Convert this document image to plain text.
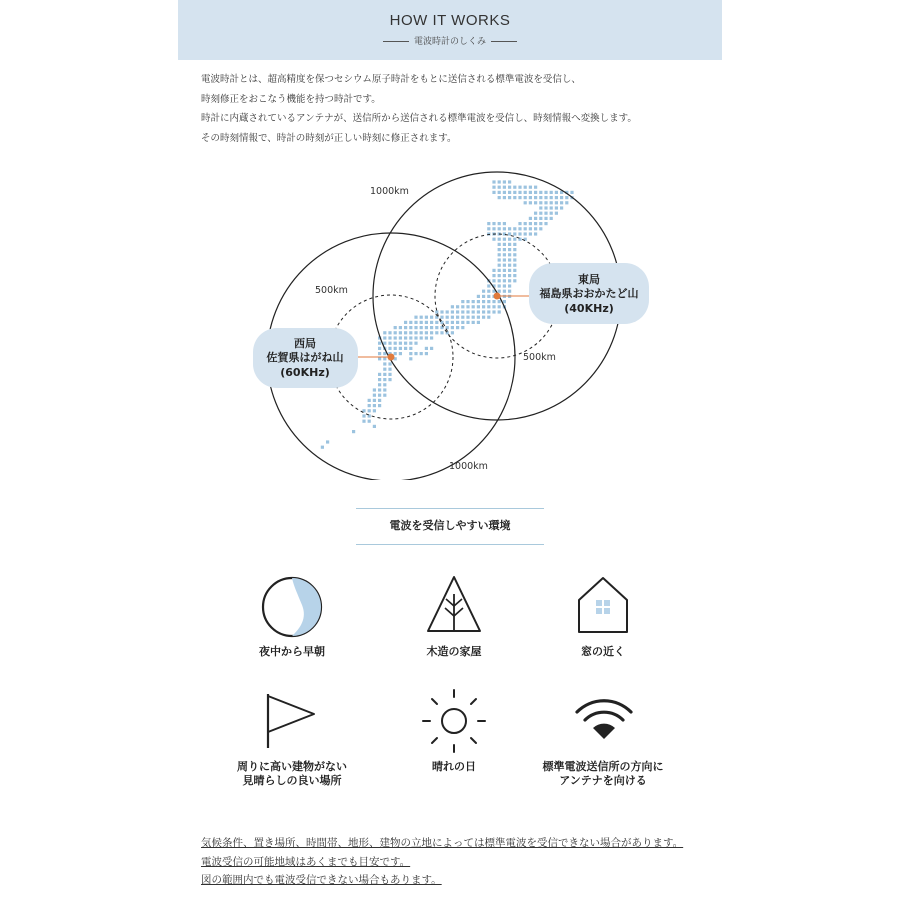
HOW IT WORKS
電波時計のしくみ

電波時計とは、超高精度を保つセシウム原子時計をもとに送信される標準電波を受信し、

時刻修正をおこなう機能を持つ時計です。

時計に内蔵されているアンテナが、送信所から送信される標準電波を受信し、時刻情報へ変換します。

その時刻情報で、時計の時刻が正しい時刻に修正されます。

西局
佐賀県はがね山
(60KHz)
東局
福島県おおかたど山
(40KHz)
1000km
500km
500km
1000km
電波を受信しやすい環境
夜中から早朝	木造の家屋	窓の近く
周りに高い建物がない
見晴らしの良い場所
晴れの日	標準電波送信所の方向に
アンテナを向ける

気候条件、置き場所、時間帯、地形、建物の立地によっては標準電波を受信できない場合があります。

電波受信の可能地域はあくまでも目安です。

図の範囲内でも電波受信できない場合もあります。
